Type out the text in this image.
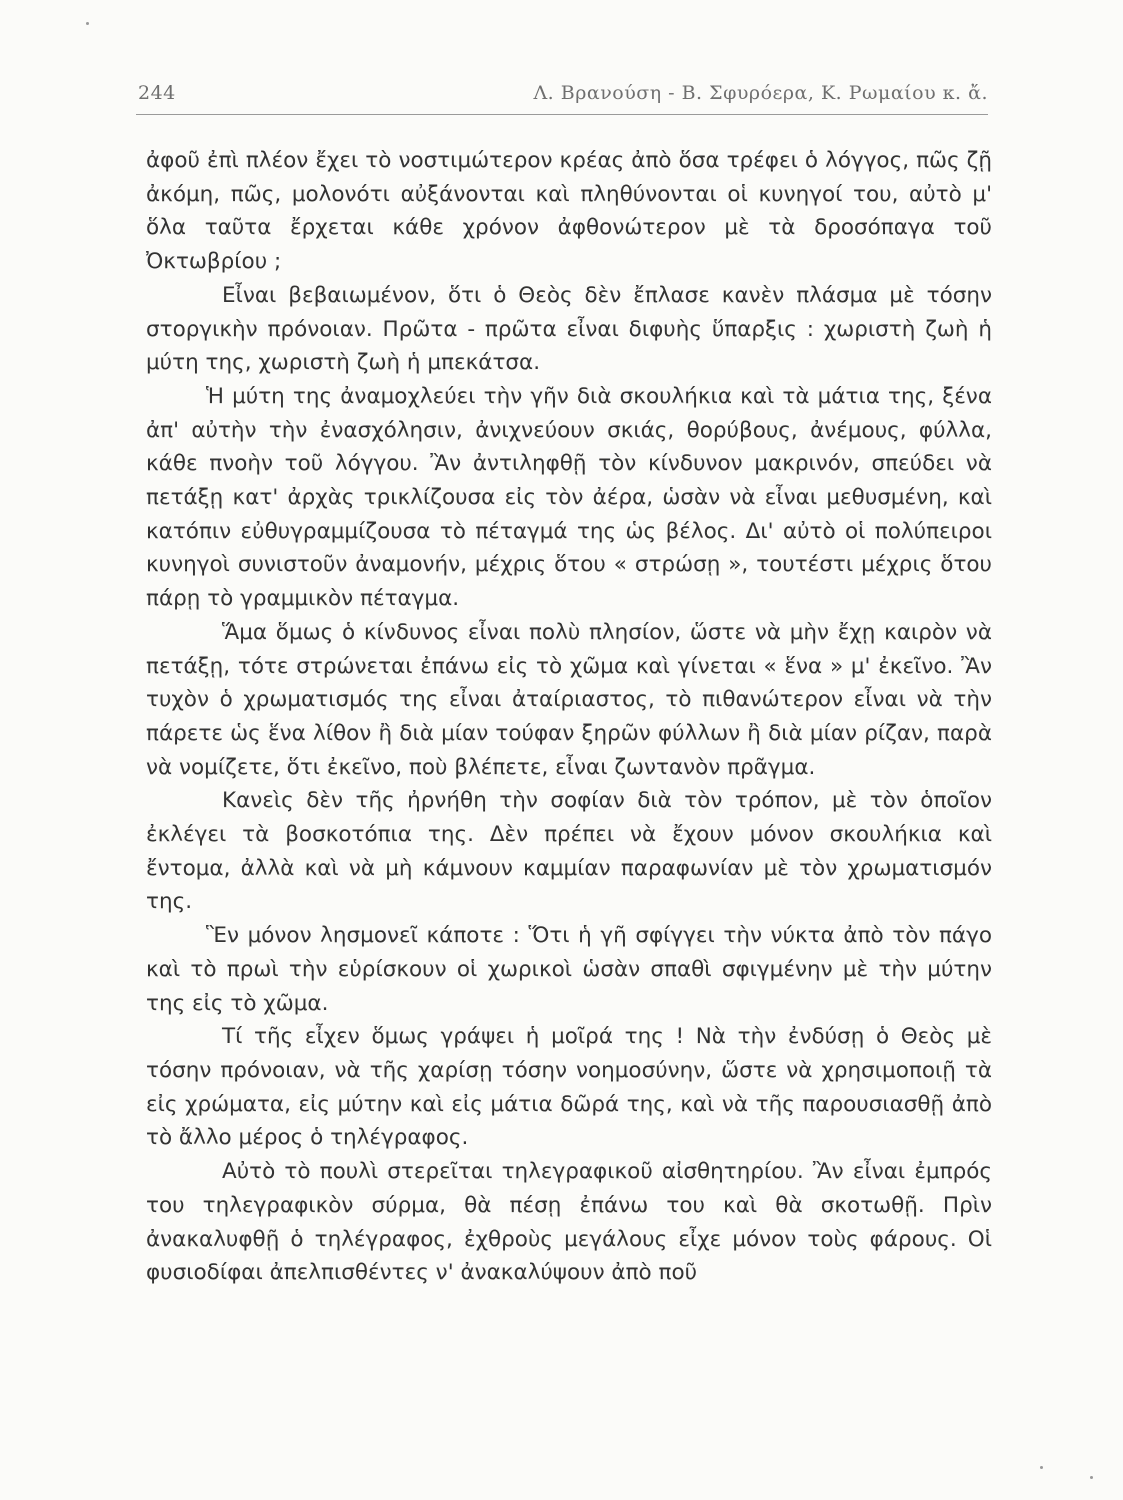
244	Λ. Βρανούση - Β. Σφυρόερα, Κ. Ρωμαίου κ. ἄ.

ἀφοῦ ἐπὶ πλέον ἔχει τὸ νοστιμώτερον κρέας ἀπὸ ὅσα τρέφει ὁ λόγγος, πῶς ζῇ ἀκόμη, πῶς, μολονότι αὐξάνονται καὶ πληθύνονται οἱ κυνηγοί του, αὐτὸ μ' ὅλα ταῦτα ἔρχεται κάθε χρόνον ἀφθονώτερον μὲ τὰ δροσόπαγα τοῦ Ὀκτωβρίου ;

Εἶναι βεβαιωμένον, ὅτι ὁ Θεὸς δὲν ἔπλασε κανὲν πλάσμα μὲ τόσην στοργικὴν πρόνοιαν. Πρῶτα - πρῶτα εἶναι διφυὴς ὕπαρξις : χωριστὴ ζωὴ ἡ μύτη της, χωριστὴ ζωὴ ἡ μπεκάτσα.

Ἡ μύτη της ἀναμοχλεύει τὴν γῆν διὰ σκουλήκια καὶ τὰ μάτια της, ξένα ἀπ' αὐτὴν τὴν ἐνασχόλησιν, ἀνιχνεύουν σκιάς, θορύβους, ἀνέμους, φύλλα, κάθε πνοὴν τοῦ λόγγου. Ἂν ἀντιληφθῇ τὸν κίνδυνον μακρινόν, σπεύδει νὰ πετάξῃ κατ' ἀρχὰς τρικλίζουσα εἰς τὸν ἀέρα, ὡσὰν νὰ εἶναι μεθυσμένη, καὶ κατόπιν εὐθυγραμμίζουσα τὸ πέταγμά της ὡς βέλος. Δι' αὐτὸ οἱ πολύπειροι κυνηγοὶ συνιστοῦν ἀναμονήν, μέχρις ὅτου « στρώσῃ », τουτέστι μέχρις ὅτου πάρῃ τὸ γραμμικὸν πέταγμα.

Ἅμα ὅμως ὁ κίνδυνος εἶναι πολὺ πλησίον, ὥστε νὰ μὴν ἔχῃ καιρὸν νὰ πετάξῃ, τότε στρώνεται ἐπάνω εἰς τὸ χῶμα καὶ γίνεται « ἕνα » μ' ἐκεῖνο. Ἂν τυχὸν ὁ χρωματισμός της εἶναι ἀταίριαστος, τὸ πιθανώτερον εἶναι νὰ τὴν πάρετε ὡς ἕνα λίθον ἢ διὰ μίαν τούφαν ξηρῶν φύλλων ἢ διὰ μίαν ρίζαν, παρὰ νὰ νομίζετε, ὅτι ἐκεῖνο, ποὺ βλέπετε, εἶναι ζωντανὸν πρᾶγμα.

Κανεὶς δὲν τῆς ἠρνήθη τὴν σοφίαν διὰ τὸν τρόπον, μὲ τὸν ὁποῖον ἐκλέγει τὰ βοσκοτόπια της. Δὲν πρέπει νὰ ἔχουν μόνον σκουλήκια καὶ ἔντομα, ἀλλὰ καὶ νὰ μὴ κάμνουν καμμίαν παραφωνίαν μὲ τὸν χρωματισμόν της.

Ἓν μόνον λησμονεῖ κάποτε : Ὅτι ἡ γῆ σφίγγει τὴν νύκτα ἀπὸ τὸν πάγο καὶ τὸ πρωὶ τὴν εὑρίσκουν οἱ χωρικοὶ ὡσὰν σπαθὶ σφιγμένην μὲ τὴν μύτην της εἰς τὸ χῶμα.

Τί τῆς εἶχεν ὅμως γράψει ἡ μοῖρά της ! Νὰ τὴν ἐνδύσῃ ὁ Θεὸς μὲ τόσην πρόνοιαν, νὰ τῆς χαρίσῃ τόσην νοημοσύνην, ὥστε νὰ χρησιμοποιῇ τὰ εἰς χρώματα, εἰς μύτην καὶ εἰς μάτια δῶρά της, καὶ νὰ τῆς παρουσιασθῇ ἀπὸ τὸ ἄλλο μέρος ὁ τηλέγραφος.

Αὐτὸ τὸ πουλὶ στερεῖται τηλεγραφικοῦ αἰσθητηρίου. Ἂν εἶναι ἐμπρός του τηλεγραφικὸν σύρμα, θὰ πέσῃ ἐπάνω του καὶ θὰ σκοτωθῇ. Πρὶν ἀνακαλυφθῇ ὁ τηλέγραφος, ἐχθροὺς μεγάλους εἶχε μόνον τοὺς φάρους. Οἱ φυσιοδίφαι ἀπελπισθέντες ν' ἀνακαλύψουν ἀπὸ ποῦ
